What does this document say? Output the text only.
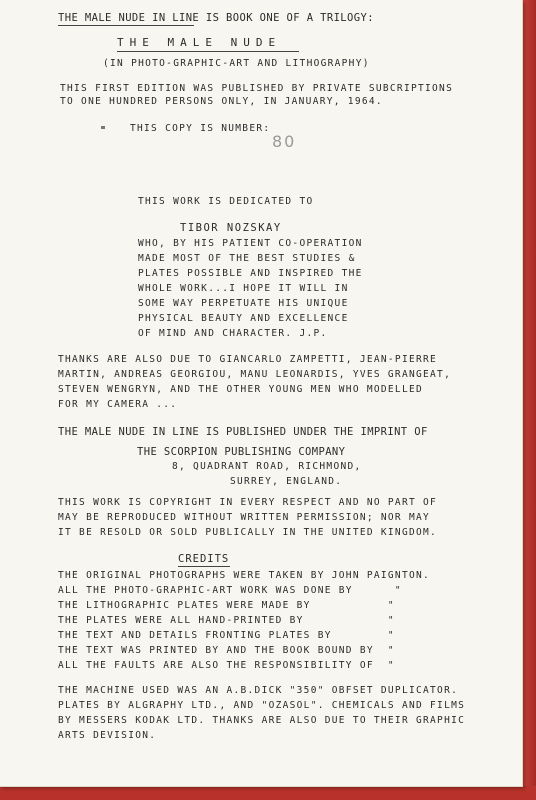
THE MALE NUDE IN LINE IS BOOK ONE OF A TRILOGY:
THE MALE NUDE
(IN PHOTO-GRAPHIC-ART AND LITHOGRAPHY)
THIS FIRST EDITION WAS PUBLISHED BY PRIVATE SUBCRIPTIONS
TO ONE HUNDRED PERSONS ONLY, IN JANUARY, 1964.
THIS COPY IS NUMBER:
80
THIS WORK IS DEDICATED TO
TIBOR NOZSKAY
WHO, BY HIS PATIENT CO-OPERATION
MADE MOST OF THE BEST STUDIES &
PLATES POSSIBLE AND INSPIRED THE
WHOLE WORK...I HOPE IT WILL IN
SOME WAY PERPETUATE HIS UNIQUE
PHYSICAL BEAUTY AND EXCELLENCE
OF MIND AND CHARACTER. J.P.
THANKS ARE ALSO DUE TO GIANCARLO ZAMPETTI, JEAN-PIERRE
MARTIN, ANDREAS GEORGIOU, MANU LEONARDIS, YVES GRANGEAT,
STEVEN WENGRYN, AND THE OTHER YOUNG MEN WHO MODELLED
FOR MY CAMERA ...
THE MALE NUDE IN LINE IS PUBLISHED UNDER THE IMPRINT OF
THE SCORPION PUBLISHING COMPANY
8, QUADRANT ROAD, RICHMOND,
SURREY, ENGLAND.
THIS WORK IS COPYRIGHT IN EVERY RESPECT AND NO PART OF
MAY BE REPRODUCED WITHOUT WRITTEN PERMISSION; NOR MAY
IT BE RESOLD OR SOLD PUBLICALLY IN THE UNITED KINGDOM.
CREDITS
THE ORIGINAL PHOTOGRAPHS WERE TAKEN BY JOHN PAIGNTON.
ALL THE PHOTO-GRAPHIC-ART WORK WAS DONE BY      "
THE LITHOGRAPHIC PLATES WERE MADE BY           "
THE PLATES WERE ALL HAND-PRINTED BY            "
THE TEXT AND DETAILS FRONTING PLATES BY        "
THE TEXT WAS PRINTED BY AND THE BOOK BOUND BY  "
ALL THE FAULTS ARE ALSO THE RESPONSIBILITY OF  "
THE MACHINE USED WAS AN A.B.DICK "350" OBFSET DUPLICATOR.
PLATES BY ALGRAPHY LTD., AND "OZASOL". CHEMICALS AND FILMS
BY MESSERS KODAK LTD. THANKS ARE ALSO DUE TO THEIR GRAPHIC
ARTS DEVISION.
